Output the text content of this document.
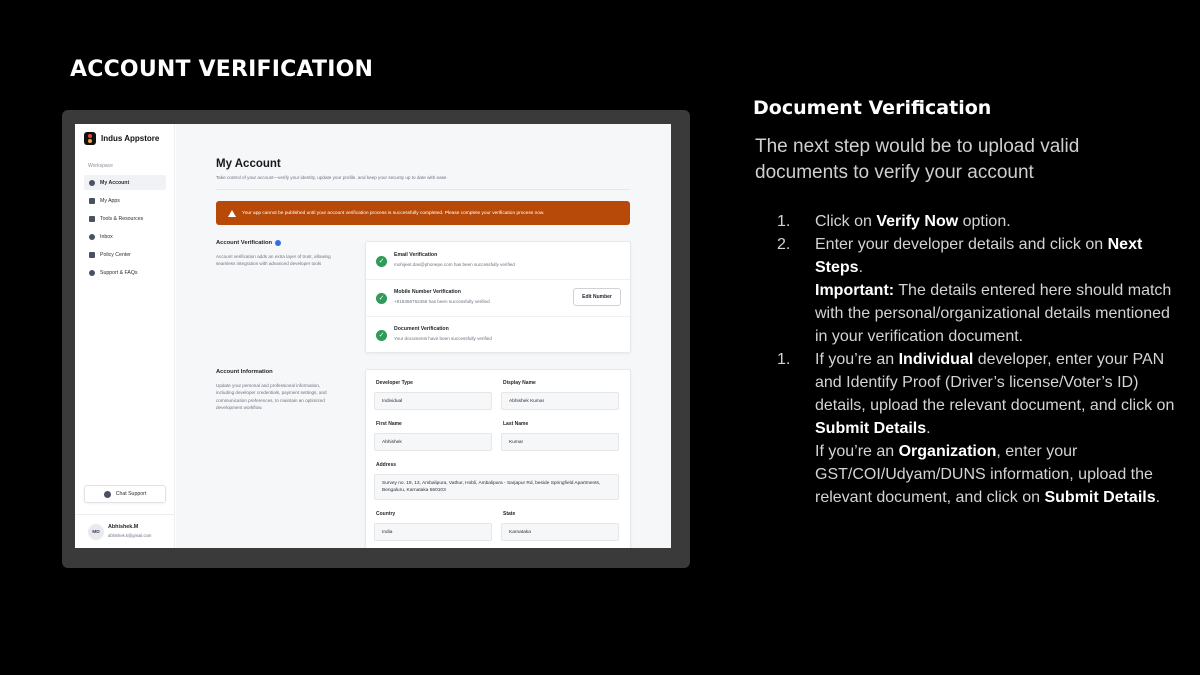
ACCOUNT VERIFICATION
Indus Appstore
Workspace
My Account
My Apps
Tools & Resources
Inbox
Policy Center
Support & FAQs
Chat Support
MD
Abhishek.M
abhishek.k@gmail.com
My Account
Take control of your account—verify your identity, update your profile, and keep your security up to date with ease
Your app cannot be published until your account verification process is successfully completed. Please complete your verification process now.
Account Verification
Account verification adds an extra layer of trust, allowing seamless integration with advanced developer tools	✓
Email Verification
mohijeet.das@phonepe.com has been successfully verified
✓
Mobile Number Verification
+918366762456 has been successfully verified
Edit Number
✓
Document Verification
Your documents have been successfully verified
Account Information
Update your personal and professional information, including developer credentials, payment settings, and communication preferences, to maintain an optimized development workflow.
Developer Type
Individual
Display Name
Abhishek Kumar
First Name
Abhishek
Last Name
Kumar
Address
Survey no. 19, 13, Ambalipura, Vathur, Hobli, Ambalipura - Sarjapur Rd, beside Springfield Apartments, Bengaluru, Karnataka 560103
Country
India
State
Karnataka
Document Verification
The next step would be to upload valid documents to verify your account
1. Click on Verify Now option.
2. Enter your developer details and click on Next Steps.
Important: The details entered here should match with the personal/organizational details mentioned in your verification document.
1. If you’re an Individual developer, enter your PAN and Identify Proof (Driver’s license/Voter’s ID) details, upload the relevant document, and click on Submit Details.
If you’re an Organization, enter your GST/COI/Udyam/DUNS information, upload the relevant document, and click on Submit Details.
